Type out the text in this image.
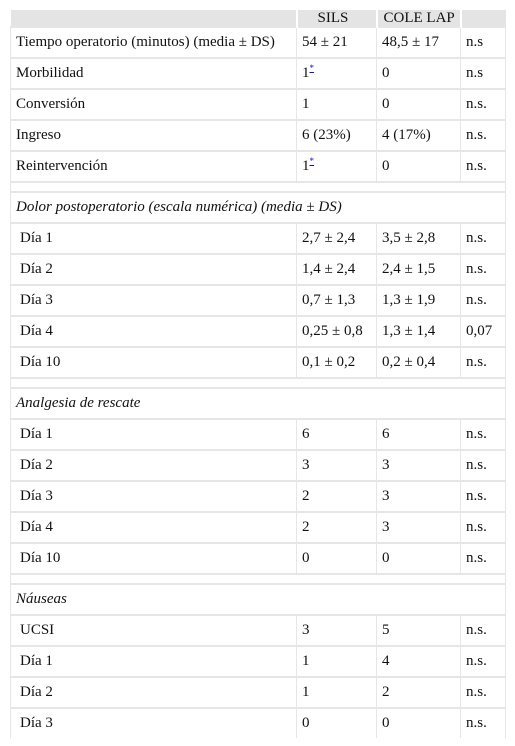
	SILS	COLE LAP	
Tiempo operatorio (minutos) (media ± DS)	54 ± 21	48,5 ± 17	n.s
Morbilidad	1*	0	n.s
Conversión	1	0	n.s.
Ingreso	6 (23%)	4 (17%)	n.s.
Reintervención	1*	0	n.s.

Dolor postoperatorio (escala numérica) (media ± DS)			
Día 1	2,7 ± 2,4	3,5 ± 2,8	n.s.
Día 2	1,4 ± 2,4	2,4 ± 1,5	n.s.
Día 3	0,7 ± 1,3	1,3 ± 1,9	n.s.
Día 4	0,25 ± 0,8	1,3 ± 1,4	0,07
Día 10	0,1 ± 0,2	0,2 ± 0,4	n.s.

Analgesia de rescate			
Día 1	6	6	n.s.
Día 2	3	3	n.s.
Día 3	2	3	n.s.
Día 4	2	3	n.s.
Día 10	0	0	n.s.

Náuseas			
UCSI	3	5	n.s.
Día 1	1	4	n.s.
Día 2	1	2	n.s.
Día 3	0	0	n.s.
